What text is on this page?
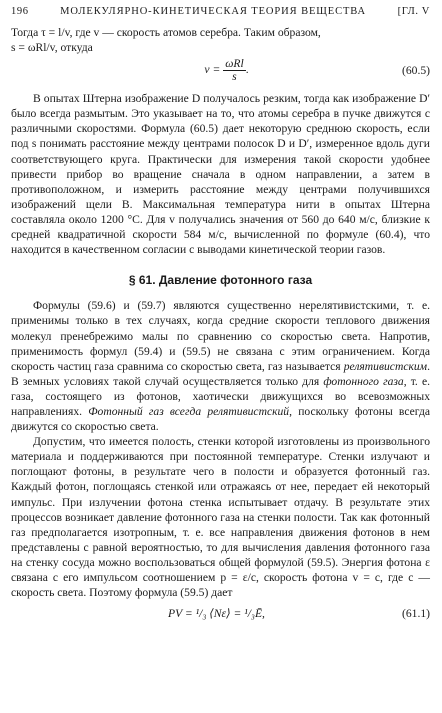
196	МОЛЕКУЛЯРНО-КИНЕТИЧЕСКАЯ ТЕОРИЯ ВЕЩЕСТВА	[ГЛ. V

Тогда τ = l/v, где v — скорость атомов серебра. Таким образом,

s = ωRl/v, откуда

$v = \frac{\text{ωRl}}{s}$ .	(60.5)

В опытах Штерна изображение D получалось резким, тогда как изображение D′ было всегда размытым. Это указывает на то, что атомы серебра в пучке движутся с различными скоростями. Формула (60.5) дает некоторую среднюю скорость, если под s понимать расстояние между центрами полосок D и D′, измеренное вдоль дуги соответствующего круга. Практически для измерения такой скорости удобнее привести прибор во вращение сначала в одном направлении, а затем в противоположном, и измерить расстояние между центрами получившихся изображений щели B. Максимальная температура нити в опытах Штерна составляла около 1200 °С. Для v получались значения от 560 до 640 м/с, близкие к средней квадратичной скорости 584 м/с, вычисленной по формуле (60.4), что находится в качественном согласии с выводами кинетической теории газов.

§ 61. Давление фотонного газа

Формулы (59.6) и (59.7) являются существенно нерелятивистскими, т. е. применимы только в тех случаях, когда средние скорости теплового движения молекул пренебрежимо малы по сравнению со скоростью света. Напротив, применимость формул (59.4) и (59.5) не связана с этим ограничением. Когда скорость частиц газа сравнима со скоростью света, газ называется релятивистским. В земных условиях такой случай осуществляется только для фотонного газа, т. е. газа, состоящего из фотонов, хаотически движущихся во всевозможных направлениях. Фотонный газ всегда релятивистский, поскольку фотоны всегда движутся со скоростью света.

Допустим, что имеется полость, стенки которой изготовлены из произвольного материала и поддерживаются при постоянной температуре. Стенки излучают и поглощают фотоны, в результате чего в полости и образуется фотонный газ. Каждый фотон, поглощаясь стенкой или отражаясь от нее, передает ей некоторый импульс. При излучении фотона стенка испытывает отдачу. В результате этих процессов возникает давление фотонного газа на стенки полости. Так как фотонный газ предполагается изотропным, т. е. все направления движения фотонов в нем представлены с равной вероятностью, то для вычисления давления фотонного газа на стенку сосуда можно воспользоваться общей формулой (59.5). Энергия фотона ε связана с его импульсом соотношением p = ε/c, скорость фотона v = c, где c — скорость света. Поэтому формула (59.5) дает

PV = ¹/₃ ⟨Nε⟩ = ¹/₃Ē,	(61.1)
